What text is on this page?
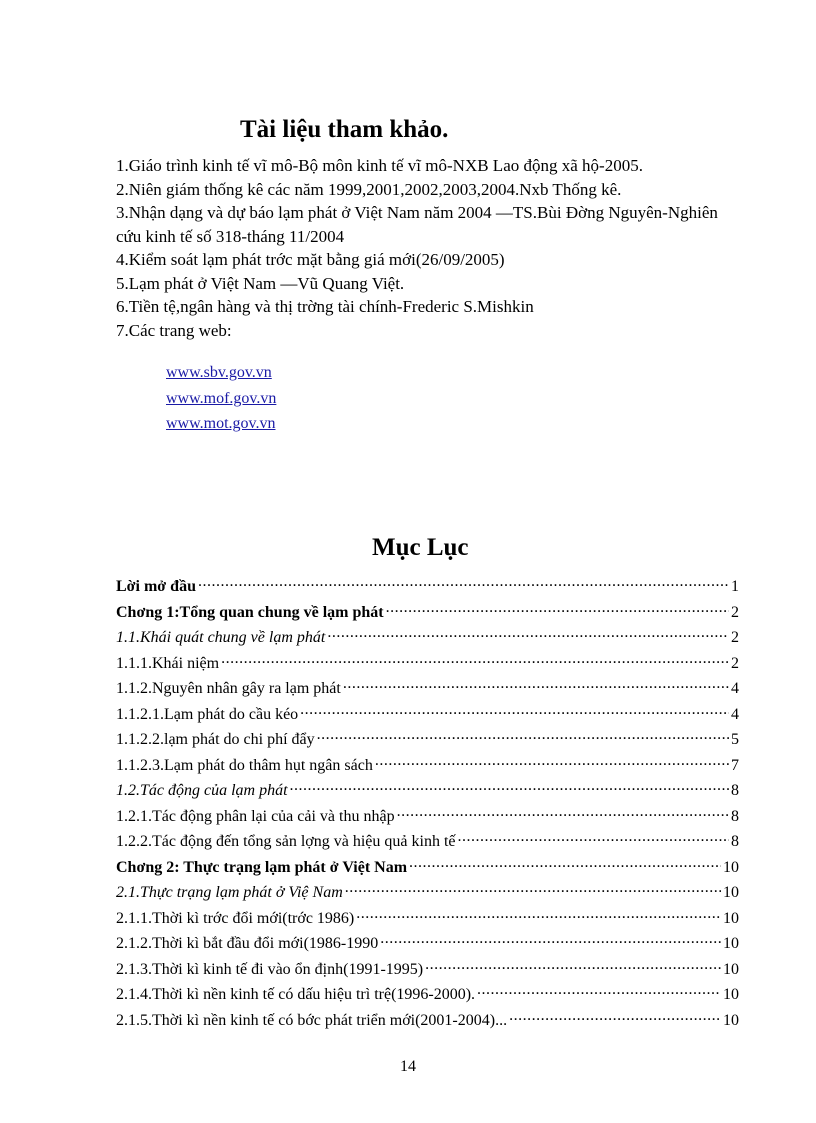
Tài liệu tham khảo.

1.Giáo trình kinh tế vĩ mô-Bộ môn kinh tế vĩ mô-NXB Lao động xã hộ-2005.

2.Niên giám thống kê các năm 1999,2001,2002,2003,2004.Nxb Thống kê.

3.Nhận dạng và dự báo lạm phát ở Việt Nam năm 2004 —TS.Bùi Đờng Nguyên-Nghiên cứu kinh tế số 318-tháng 11/2004

4.Kiểm soát lạm phát trớc mặt bằng giá mới(26/09/2005)

5.Lạm phát ở Việt Nam —Vũ Quang Việt.

6.Tiền tệ,ngân hàng và thị trờng tài chính-Frederic S.Mishkin

7.Các trang web:

www.sbv.gov.vn
www.mof.gov.vn
www.mot.gov.vn
Mục Lục
Lời mở đầu .....	1
Chơng 1:Tổng quan chung về lạm phát .....	2
1.1.Khái quát chung về lạm phát .....	2
1.1.1.Khái niệm .....	2
1.1.2.Nguyên nhân gây ra lạm phát .....	4
1.1.2.1.Lạm phát do cầu kéo .....	4
1.1.2.2.lạm phát do chi phí đẩy .....	5
1.1.2.3.Lạm phát do thâm hụt ngân sách .....	7
1.2.Tác động của lạm phát .....	8
1.2.1.Tác động phân lại của cải và thu nhập .....	8
1.2.2.Tác động đến tổng sản lợng và hiệu quả kinh tế .....	8
Chơng 2: Thực trạng lạm phát ở Việt Nam .....	10
2.1.Thực trạng lạm phát ở Việ Nam .....	10
2.1.1.Thời kì trớc đổi mới(trớc 1986) .....	10
2.1.2.Thời kì bắt đầu đổi mới(1986-1990 .....	10
2.1.3.Thời kì kinh tế đi vào ổn định(1991-1995) .....	10
2.1.4.Thời kì nền kinh tế có dấu hiệu trì trệ(1996-2000). .....	10
2.1.5.Thời kì nền kinh tế có bớc phát triển mới(2001-2004)... .....	10
14
